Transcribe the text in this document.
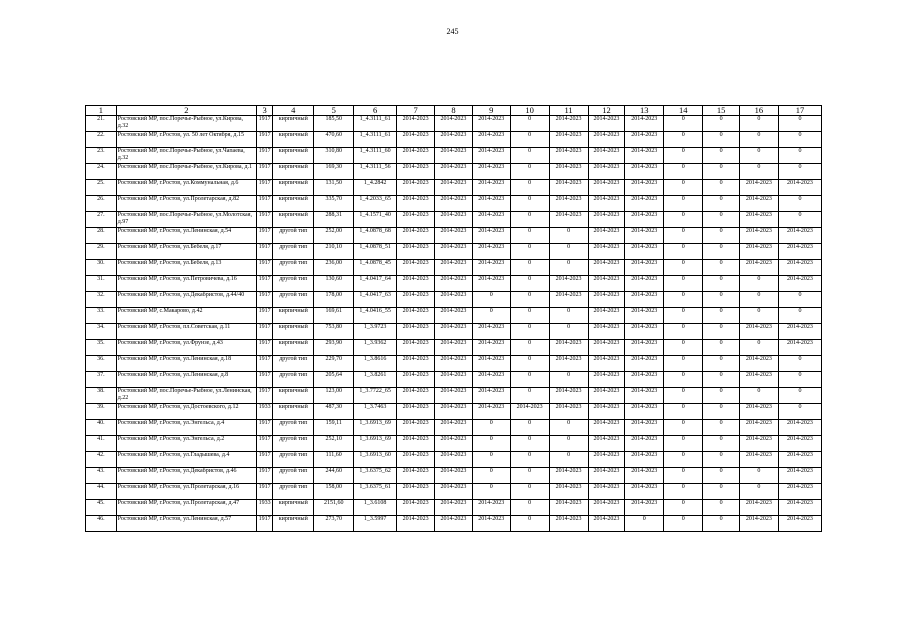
245
1	2	3	4	5	6	7	8	9	10	11	12	13	14	15	16	17
21.	Ростовский МР, пос.Поречье-Рыбное, ул.Кирова, д.32	1917	кирпичный	185,50	1_4.3111_61	2014-2023	2014-2023	2014-2023	0	2014-2023	2014-2023	2014-2023	0	0	0	0
22.	Ростовский МР, г.Ростов, ул. 50 лет Октября, д.15	1917	кирпичный	470,60	1_4.3111_61	2014-2023	2014-2023	2014-2023	0	2014-2023	2014-2023	2014-2023	0	0	0	0
23.	Ростовский МР, пос.Поречье-Рыбное, ул.Чапаева, д.32	1917	кирпичный	310,80	1_4.3111_60	2014-2023	2014-2023	2014-2023	0	2014-2023	2014-2023	2014-2023	0	0	0	0
24.	Ростовский МР, пос.Поречье-Рыбное, ул.Кирова, д.1	1917	кирпичный	169,30	1_4.3111_56	2014-2023	2014-2023	2014-2023	0	2014-2023	2014-2023	2014-2023	0	0	0	0
25.	Ростовский МР, г.Ростов, ул.Коммунальная, д.6	1917	кирпичный	131,50	1_4.2842	2014-2023	2014-2023	2014-2023	0	2014-2023	2014-2023	2014-2023	0	0	2014-2023	2014-2023
26.	Ростовский МР, г.Ростов, ул.Пролетарская, д.82	1917	кирпичный	335,70	1_4.2033_65	2014-2023	2014-2023	2014-2023	0	2014-2023	2014-2023	2014-2023	0	0	2014-2023	0
27.	Ростовский МР, пос.Поречье-Рыбное, ул.Молотская, д.97	1917	кирпичный	288,31	1_4.1571_40	2014-2023	2014-2023	2014-2023	0	2014-2023	2014-2023	2014-2023	0	0	2014-2023	0
28.	Ростовский МР, г.Ростов, ул.Ленинская, д.54	1917	другой тип	252,00	1_4.0878_68	2014-2023	2014-2023	2014-2023	0	0	2014-2023	2014-2023	0	0	2014-2023	2014-2023
29.	Ростовский МР, г.Ростов, ул.Бебеля, д.17	1917	другой тип	210,10	1_4.0878_51	2014-2023	2014-2023	2014-2023	0	0	2014-2023	2014-2023	0	0	2014-2023	2014-2023
30.	Ростовский МР, г.Ростов, ул.Бебеля, д.13	1917	другой тип	236,00	1_4.0878_45	2014-2023	2014-2023	2014-2023	0	0	2014-2023	2014-2023	0	0	2014-2023	2014-2023
31.	Ростовский МР, г.Ростов, ул.Петровичева, д.16	1917	другой тип	130,60	1_4.0417_64	2014-2023	2014-2023	2014-2023	0	2014-2023	2014-2023	2014-2023	0	0	0	2014-2023
32.	Ростовский МР, г.Ростов, ул.Декабристов, д.44/40	1917	другой тип	178,00	1_4.0417_63	2014-2023	2014-2023	0	0	2014-2023	2014-2023	2014-2023	0	0	0	0
33.	Ростовский МР, с.Макарово, д.42	1917	кирпичный	169,61	1_4.0416_55	2014-2023	2014-2023	0	0	0	2014-2023	2014-2023	0	0	0	0
34.	Ростовский МР, г.Ростов, пл.Советская, д.11	1917	кирпичный	753,80	1_3.9723	2014-2023	2014-2023	2014-2023	0	0	2014-2023	2014-2023	0	0	2014-2023	2014-2023
35.	Ростовский МР, г.Ростов, ул.Фрунзе, д.43	1917	кирпичный	293,90	1_3.9362	2014-2023	2014-2023	2014-2023	0	2014-2023	2014-2023	2014-2023	0	0	0	2014-2023
36.	Ростовский МР, г.Ростов, ул.Ленинская, д.18	1917	другой тип	229,70	1_3.8616	2014-2023	2014-2023	2014-2023	0	2014-2023	2014-2023	2014-2023	0	0	2014-2023	0
37.	Ростовский МР, г.Ростов, ул.Ленинская, д.8	1917	другой тип	205,64	1_3.8261	2014-2023	2014-2023	2014-2023	0	0	2014-2023	2014-2023	0	0	2014-2023	0
38.	Ростовский МР, пос.Поречье-Рыбное, ул.Ленинская, д.22	1917	кирпичный	123,00	1_3.7722_65	2014-2023	2014-2023	2014-2023	0	2014-2023	2014-2023	2014-2023	0	0	0	0
39.	Ростовский МР, г.Ростов, ул.Достоевского, д.12	1933	кирпичный	487,30	1_3.7463	2014-2023	2014-2023	2014-2023	2014-2023	2014-2023	2014-2023	2014-2023	0	0	2014-2023	0
40.	Ростовский МР, г.Ростов, ул.Энгельса, д.4	1917	другой тип	159,11	1_3.6913_69	2014-2023	2014-2023	0	0	0	2014-2023	2014-2023	0	0	2014-2023	2014-2023
41.	Ростовский МР, г.Ростов, ул.Энгельса, д.2	1917	другой тип	252,10	1_3.6913_69	2014-2023	2014-2023	0	0	0	2014-2023	2014-2023	0	0	2014-2023	2014-2023
42.	Ростовский МР, г.Ростов, ул.Гладышева, д.4	1917	другой тип	111,60	1_3.6913_60	2014-2023	2014-2023	0	0	0	2014-2023	2014-2023	0	0	2014-2023	2014-2023
43.	Ростовский МР, г.Ростов, ул.Декабристов, д.46	1917	другой тип	244,60	1_3.6375_62	2014-2023	2014-2023	0	0	2014-2023	2014-2023	2014-2023	0	0	0	2014-2023
44.	Ростовский МР, г.Ростов, ул.Пролетарская, д.16	1917	другой тип	158,00	1_3.6375_61	2014-2023	2014-2023	0	0	2014-2023	2014-2023	2014-2023	0	0	0	2014-2023
45.	Ростовский МР, г.Ростов, ул.Пролетарская, д.47	1933	кирпичный	2151,60	1_3.6108	2014-2023	2014-2023	2014-2023	0	2014-2023	2014-2023	2014-2023	0	0	2014-2023	2014-2023
46.	Ростовский МР, г.Ростов, ул.Ленинская, д.57	1917	кирпичный	273,70	1_3.5997	2014-2023	2014-2023	2014-2023	0	2014-2023	2014-2023	0	0	0	2014-2023	2014-2023
